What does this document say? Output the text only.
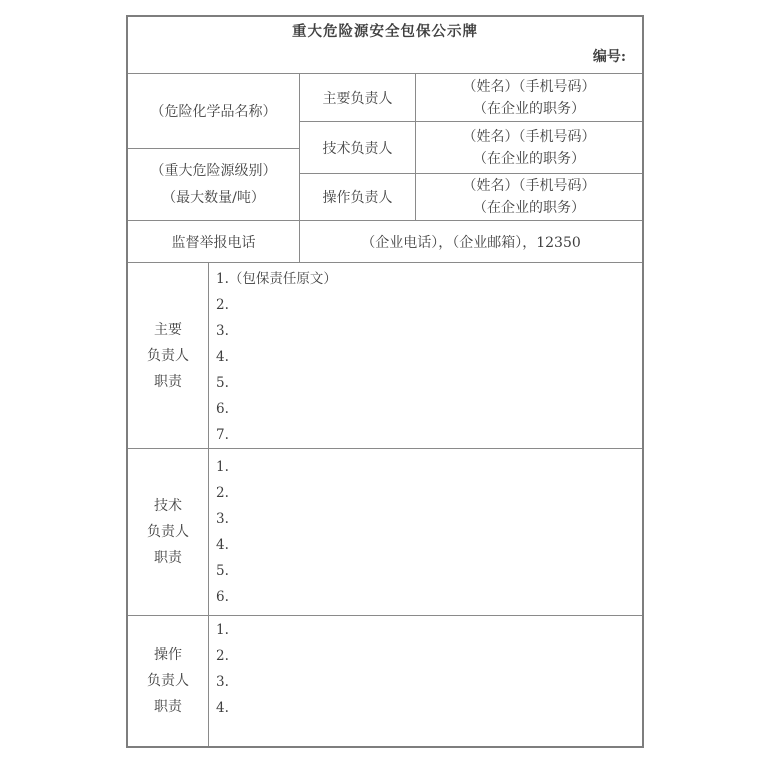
重大危险源安全包保公示牌
编号:
（危险化学品名称）
（重大危险源级别）
（最大数量/吨）
主要负责人
技术负责人
操作负责人
（姓名）（手机号码）
（在企业的职务）
（姓名）（手机号码）
（在企业的职务）
（姓名）（手机号码）
（在企业的职务）
监督举报电话	（企业电话），（企业邮箱），12350
主要
负责人
职责
1.（包保责任原文）
2.
3.
4.
5.
6.
7.
技术
负责人
职责
1.
2.
3.
4.
5.
6.
操作
负责人
职责
1.
2.
3.
4.
